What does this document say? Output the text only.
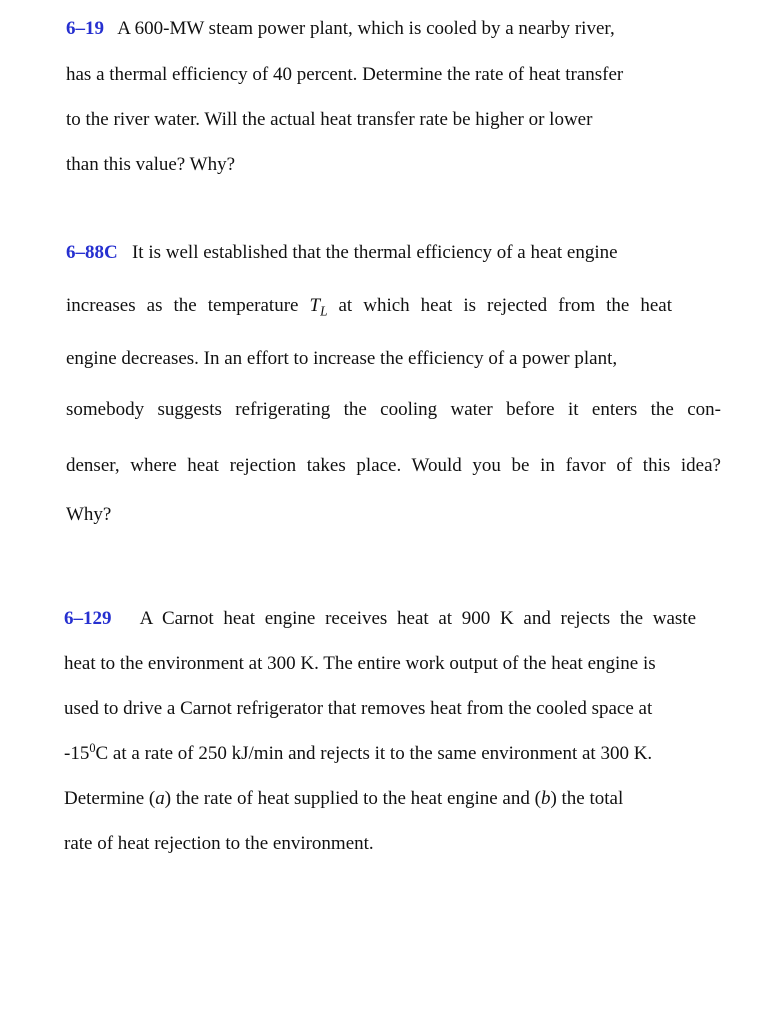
6–19 A 600-MW steam power plant, which is cooled by a nearby river,

has a thermal efficiency of 40 percent. Determine the rate of heat transfer

to the river water. Will the actual heat transfer rate be higher or lower

than this value? Why?

6–88C It is well established that the thermal efficiency of a heat engine

increases as the temperature $T_L$ at which heat is rejected from the heat

engine decreases. In an effort to increase the efficiency of a power plant,

somebody suggests refrigerating the cooling water before it enters the con-

denser, where heat rejection takes place. Would you be in favor of this idea?

Why?

6–129 A Carnot heat engine receives heat at 900 K and rejects the waste

heat to the environment at 300 K. The entire work output of the heat engine is

used to drive a Carnot refrigerator that removes heat from the cooled space at

$-15^0C$ at a rate of 250 kJ/min and rejects it to the same environment at 300 K.

Determine (a) the rate of heat supplied to the heat engine and (b) the total

rate of heat rejection to the environment.
